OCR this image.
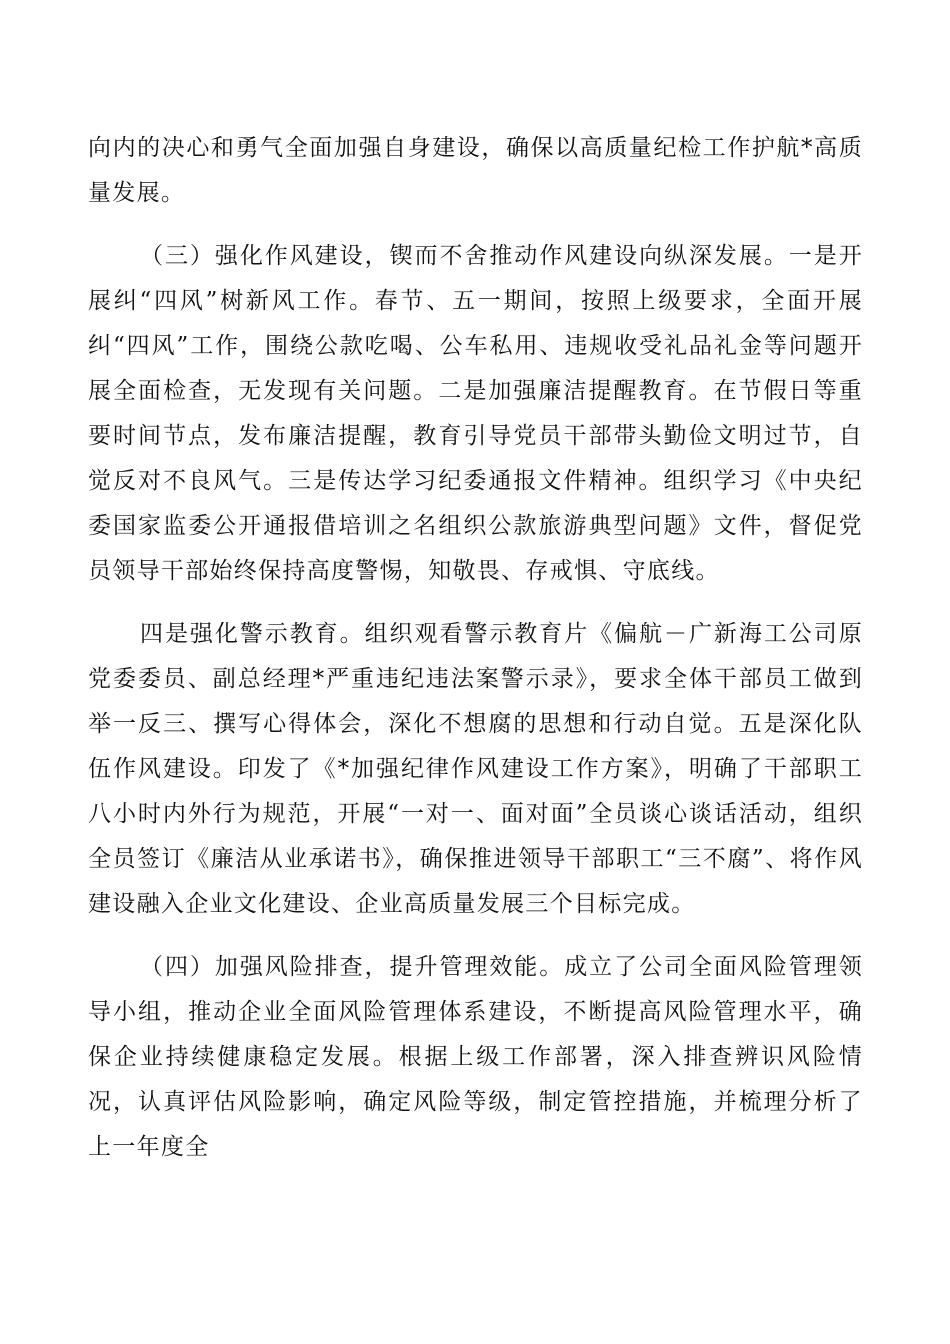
向内的决心和勇气全面加强自身建设，确保以高质量纪检工作护航*高质量发展。

（三）强化作风建设，锲而不舍推动作风建设向纵深发展。一是开展纠“四风”树新风工作。春节、五一期间，按照上级要求，全面开展纠“四风”工作，围绕公款吃喝、公车私用、违规收受礼品礼金等问题开展全面检查，无发现有关问题。二是加强廉洁提醒教育。在节假日等重要时间节点，发布廉洁提醒，教育引导党员干部带头勤俭文明过节，自觉反对不良风气。三是传达学习纪委通报文件精神。组织学习《中央纪委国家监委公开通报借培训之名组织公款旅游典型问题》文件，督促党员领导干部始终保持高度警惕，知敬畏、存戒惧、守底线。

四是强化警示教育。组织观看警示教育片《偏航－广新海工公司原党委委员、副总经理*严重违纪违法案警示录》，要求全体干部员工做到举一反三、撰写心得体会，深化不想腐的思想和行动自觉。五是深化队伍作风建设。印发了《*加强纪律作风建设工作方案》，明确了干部职工八小时内外行为规范，开展“一对一、面对面”全员谈心谈话活动，组织全员签订《廉洁从业承诺书》，确保推进领导干部职工“三不腐”、将作风建设融入企业文化建设、企业高质量发展三个目标完成。

（四）加强风险排查，提升管理效能。成立了公司全面风险管理领导小组，推动企业全面风险管理体系建设，不断提高风险管理水平，确保企业持续健康稳定发展。根据上级工作部署，深入排查辨识风险情况，认真评估风险影响，确定风险等级，制定管控措施，并梳理分析了上一年度全
